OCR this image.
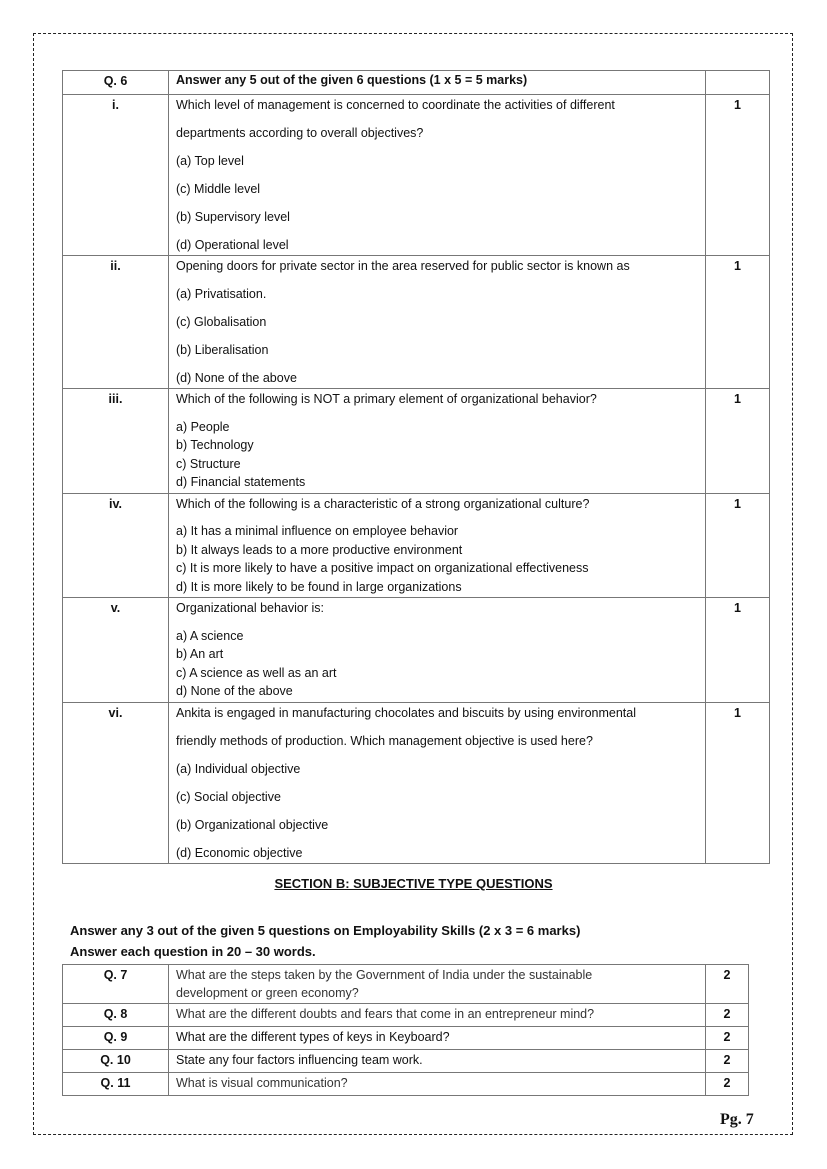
Q. 6	Answer any 5 out of the given 6 questions (1 x 5 = 5 marks)	
i.	Which level of management is concerned to coordinate the activities of different
departments according to overall objectives?
(a) Top level
(c) Middle level
(b) Supervisory level
(d) Operational level
	1
ii.	Opening doors for private sector in the area reserved for public sector is known as
(a) Privatisation.
(c) Globalisation
(b) Liberalisation
(d) None of the above	1
iii.	Which of the following is NOT a primary element of organizational behavior?
a) People
b) Technology
c) Structure
d) Financial statements	1
iv.	Which of the following is a characteristic of a strong organizational culture?
a) It has a minimal influence on employee behavior
b) It always leads to a more productive environment
c) It is more likely to have a positive impact on organizational effectiveness
d) It is more likely to be found in large organizations	1
v.	Organizational behavior is:
a) A science
b) An art
c) A science as well as an art
d) None of the above	1
vi.	Ankita is engaged in manufacturing chocolates and biscuits by using environmental
friendly methods of production. Which management objective is used here?
(a) Individual objective
(c) Social objective
(b) Organizational objective
(d) Economic objective
	1
SECTION B: SUBJECTIVE TYPE QUESTIONS
Answer any 3 out of the given 5 questions on Employability Skills (2 x 3 = 6 marks)
Answer each question in 20 – 30 words.
Q. 7	What are the steps taken by the Government of India under the sustainable
development or green economy?	2
Q. 8	What are the different doubts and fears that come in an entrepreneur mind?	2
Q. 9	What are the different types of keys in Keyboard?	2
Q. 10	State any four factors influencing team work.	2
Q. 11	What is visual communication?	2
Pg. 7
